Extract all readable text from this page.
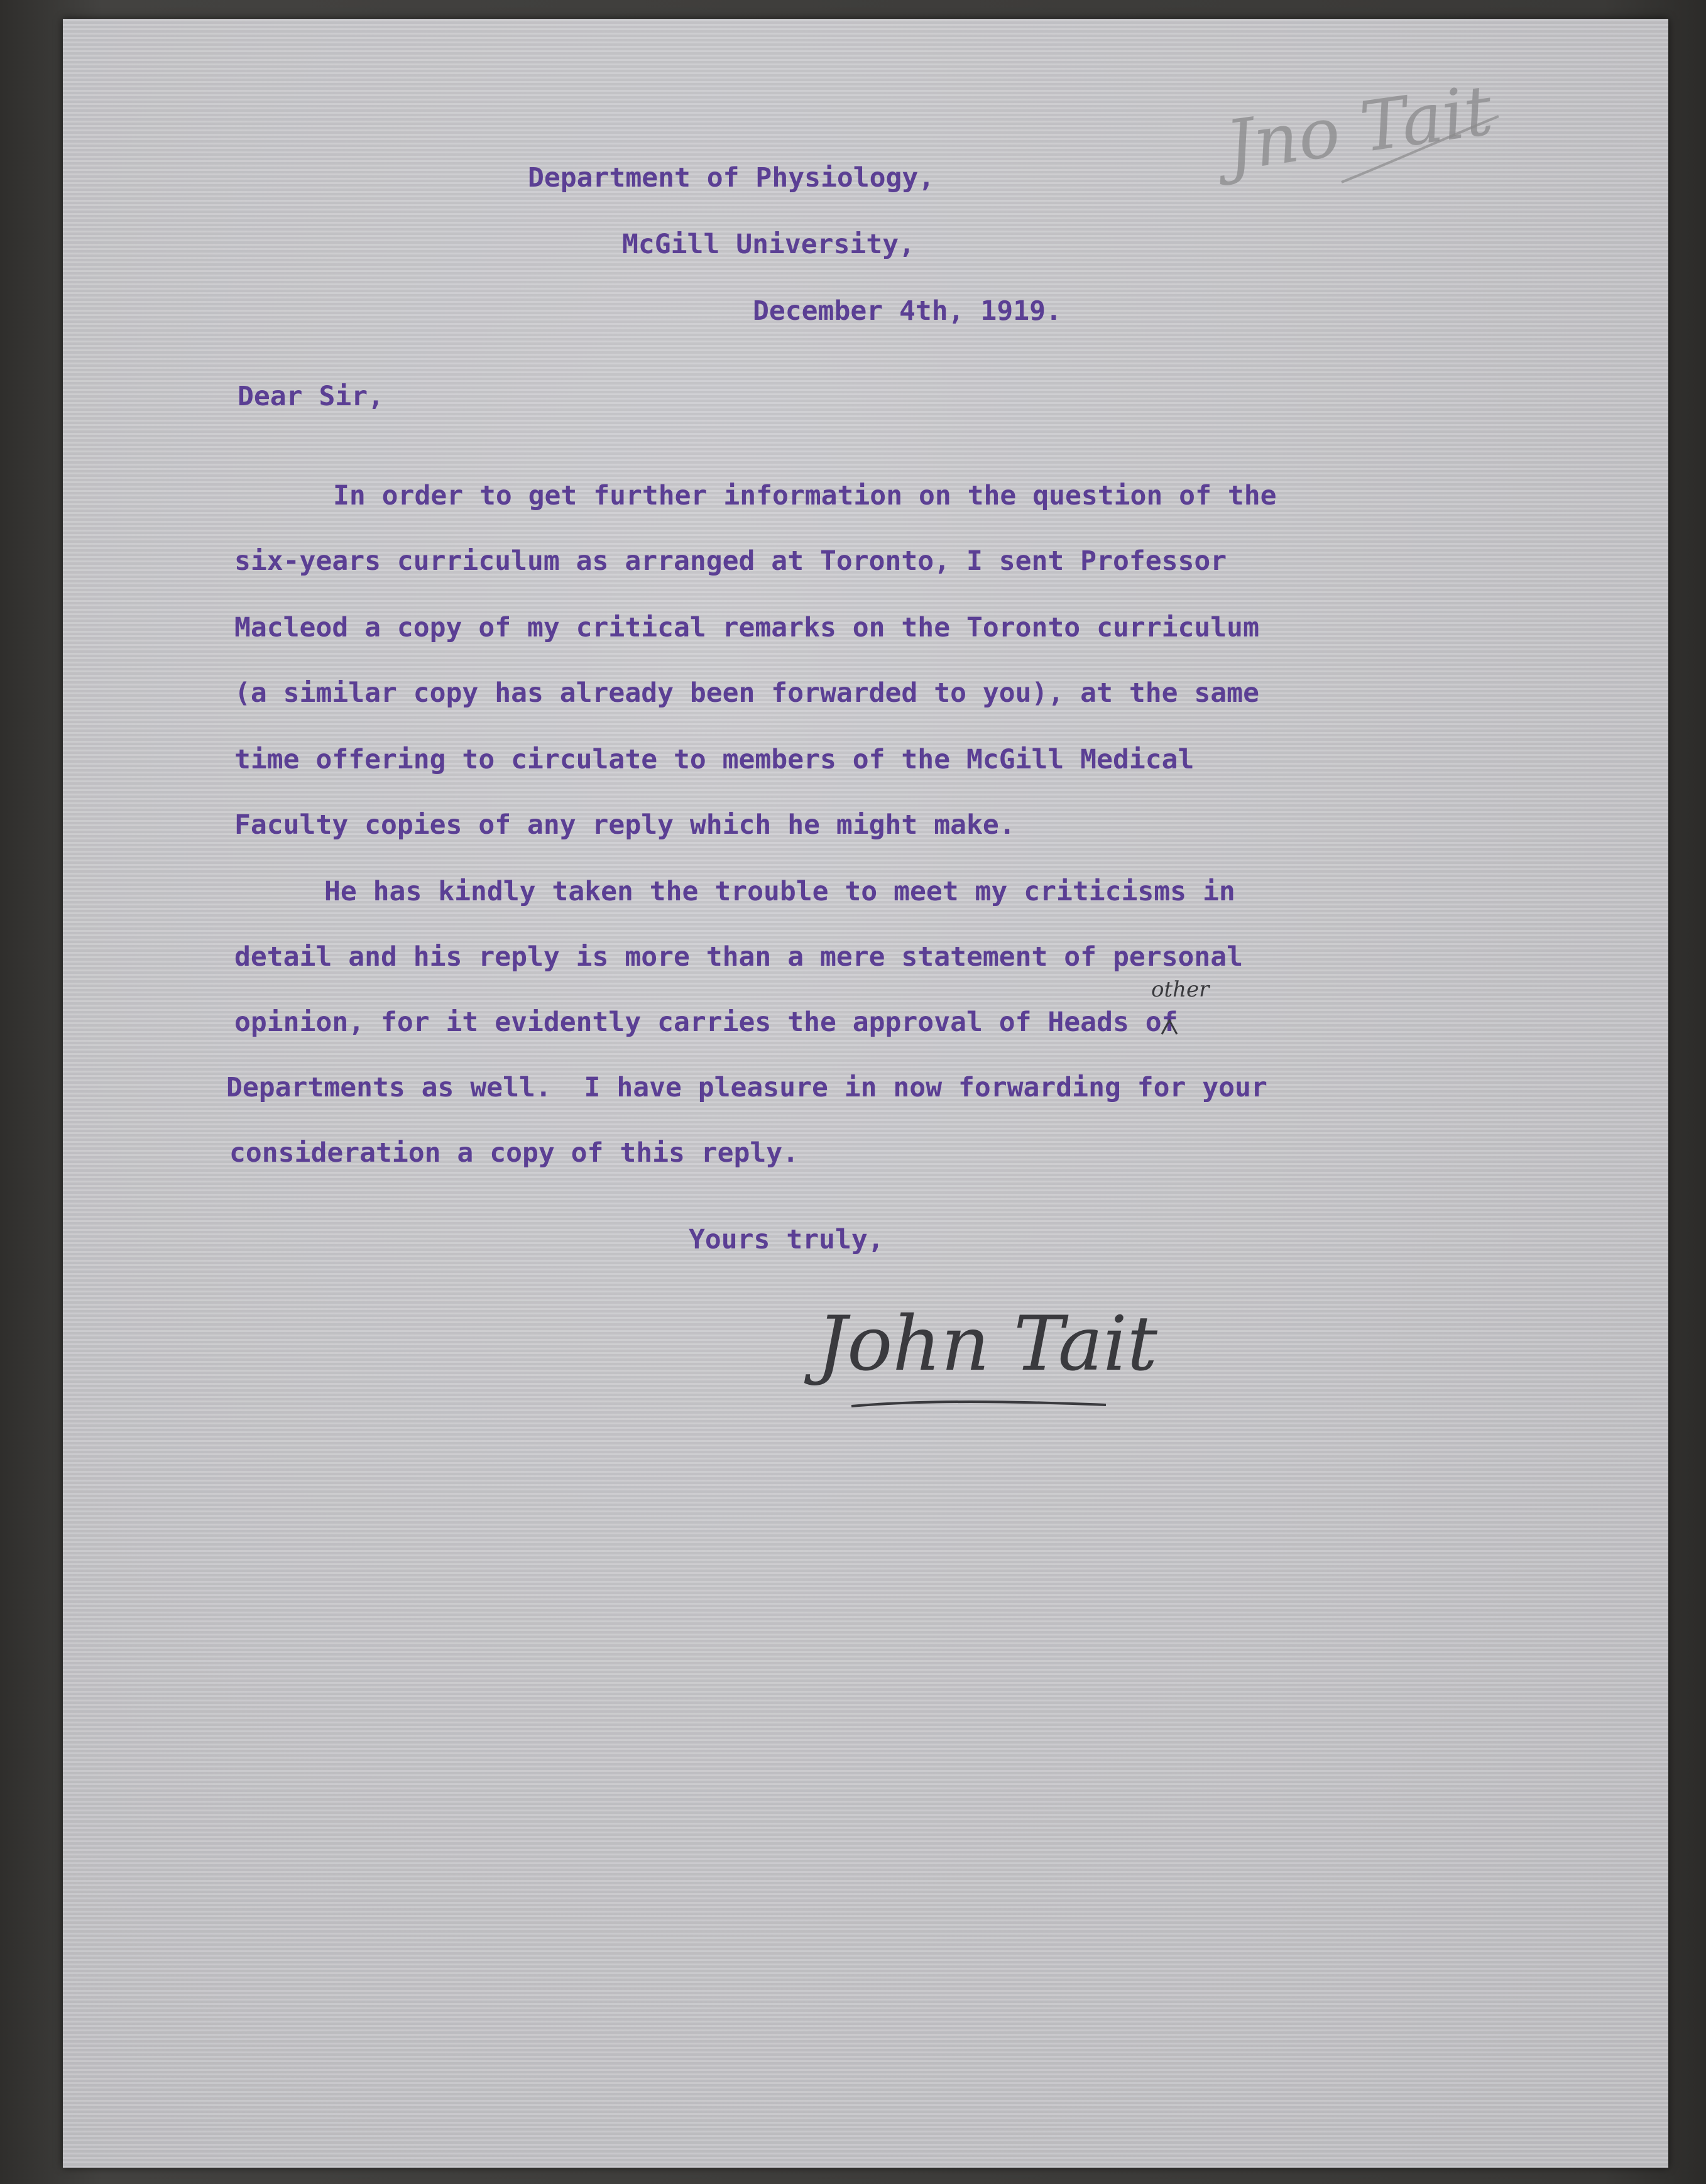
Jno Tait

Department of Physiology,

McGill University,

December 4th, 1919.

Dear Sir,

In order to get further information on the question of the

six-years curriculum as arranged at Toronto, I sent Professor

Macleod a copy of my critical remarks on the Toronto curriculum

(a similar copy has already been forwarded to you), at the same

time offering to circulate to members of the McGill Medical

Faculty copies of any reply which he might make.

He has kindly taken the trouble to meet my criticisms in

detail and his reply is more than a mere statement of personal

opinion, for it evidently carries the approval of Heads of

Departments as well.  I have pleasure in now forwarding for your

consideration a copy of this reply.

other

Yours truly,

John Tait
